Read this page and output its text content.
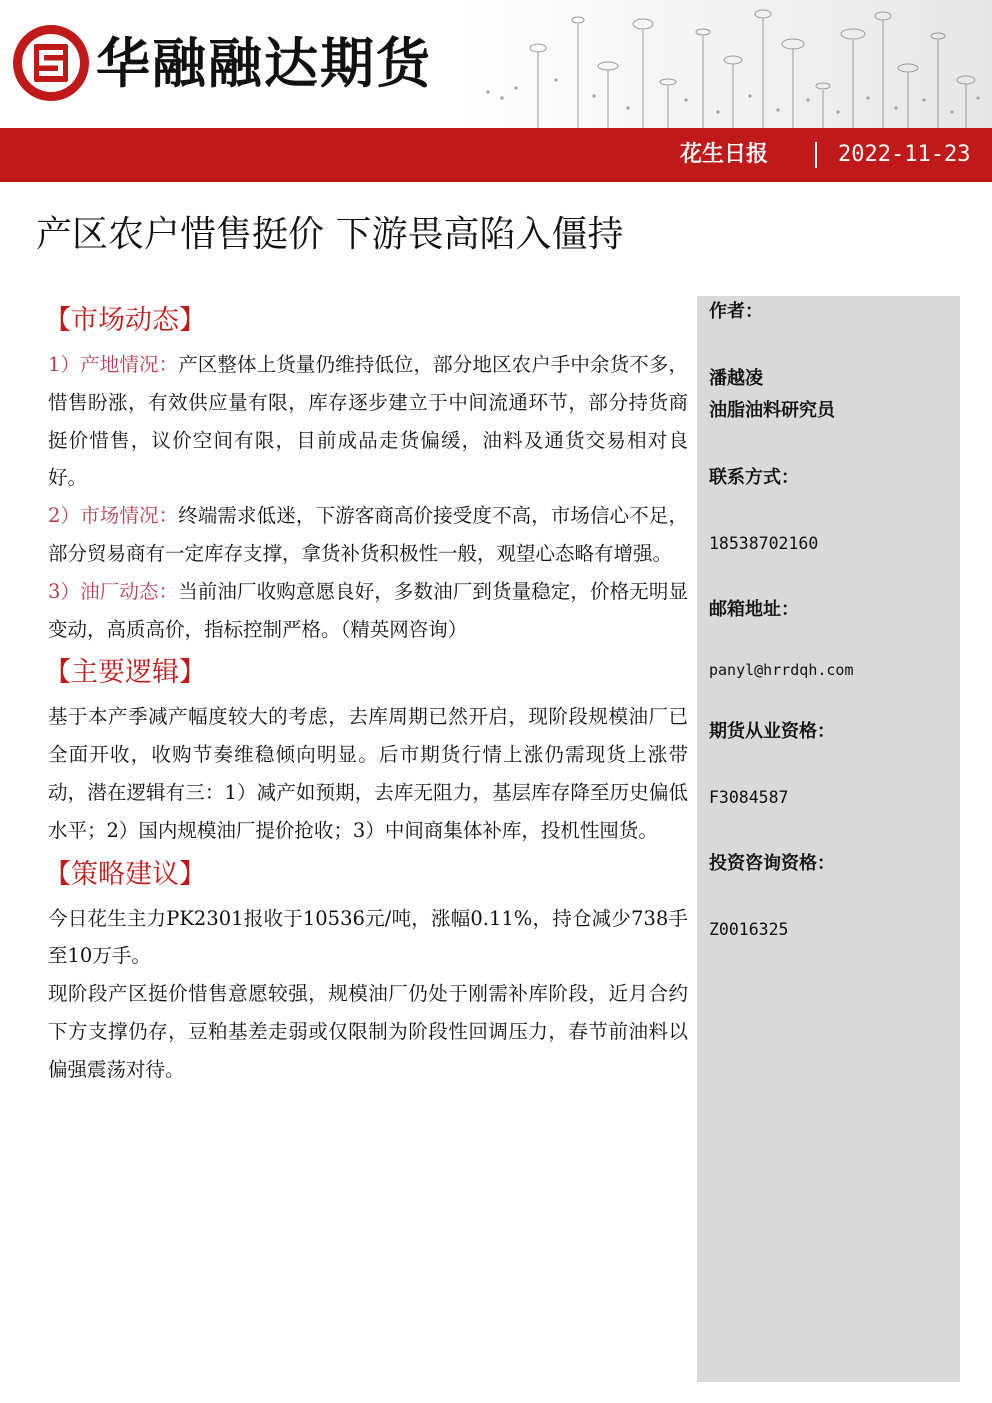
华融融达期货
花生日报	2022-11-23
产区农户惜售挺价 下游畏高陷入僵持
【市场动态】

1）产地情况：产区整体上货量仍维持低位，部分地区农户手中余货不多，惜售盼涨，有效供应量有限，库存逐步建立于中间流通环节，部分持货商挺价惜售，议价空间有限，目前成品走货偏缓，油料及通货交易相对良好。

2）市场情况：终端需求低迷，下游客商高价接受度不高，市场信心不足，部分贸易商有一定库存支撑，拿货补货积极性一般，观望心态略有增强。

3）油厂动态：当前油厂收购意愿良好，多数油厂到货量稳定，价格无明显变动，高质高价，指标控制严格。（精英网咨询）

【主要逻辑】

基于本产季减产幅度较大的考虑，去库周期已然开启，现阶段规模油厂已全面开收，收购节奏维稳倾向明显。后市期货行情上涨仍需现货上涨带动，潜在逻辑有三：1）减产如预期，去库无阻力，基层库存降至历史偏低水平；2）国内规模油厂提价抢收；3）中间商集体补库，投机性囤货。

【策略建议】

今日花生主力PK2301报收于10536元/吨，涨幅0.11%，持仓减少738手至10万手。

现阶段产区挺价惜售意愿较强，规模油厂仍处于刚需补库阶段，近月合约下方支撑仍存，豆粕基差走弱或仅限制为阶段性回调压力，春节前油料以偏强震荡对待。

作者：
潘越凌
油脂油料研究员
联系方式：
18538702160
邮箱地址：
panyl@hrrdqh.com
期货从业资格：
F3084587
投资咨询资格：
Z0016325
